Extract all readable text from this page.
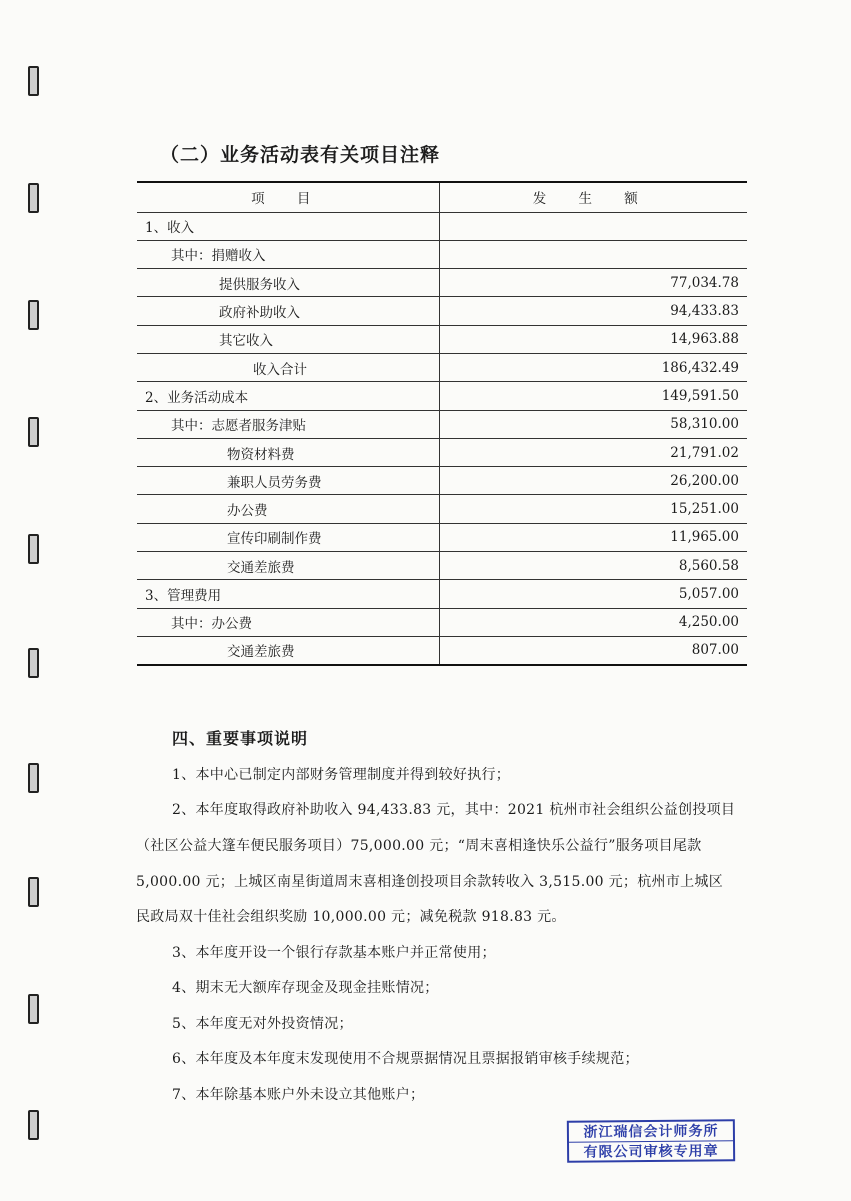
（二）业务活动表有关项目注释
项 目	发 生 额
1、收入	
其中：捐赠收入	
提供服务收入	77,034.78
政府补助收入	94,433.83
其它收入	14,963.88
收入合计	186,432.49
2、业务活动成本	149,591.50
其中：志愿者服务津贴	58,310.00
物资材料费	21,791.02
兼职人员劳务费	26,200.00
办公费	15,251.00
宣传印刷制作费	11,965.00
交通差旅费	8,560.58
3、管理费用	5,057.00
其中：办公费	4,250.00
交通差旅费	807.00
四、重要事项说明
1、本中心已制定内部财务管理制度并得到较好执行；
2、本年度取得政府补助收入 94,433.83 元，其中：2021 杭州市社会组织公益创投项目
（社区公益大篷车便民服务项目）75,000.00 元；“周末喜相逢快乐公益行”服务项目尾款
5,000.00 元；上城区南星街道周末喜相逢创投项目余款转收入 3,515.00 元；杭州市上城区
民政局双十佳社会组织奖励 10,000.00 元；减免税款 918.83 元。
3、本年度开设一个银行存款基本账户并正常使用；
4、期末无大额库存现金及现金挂账情况；
5、本年度无对外投资情况；
6、本年度及本年度末发现使用不合规票据情况且票据报销审核手续规范；
7、本年除基本账户外未设立其他账户；
浙江瑞信会计师务所
有限公司审核专用章
